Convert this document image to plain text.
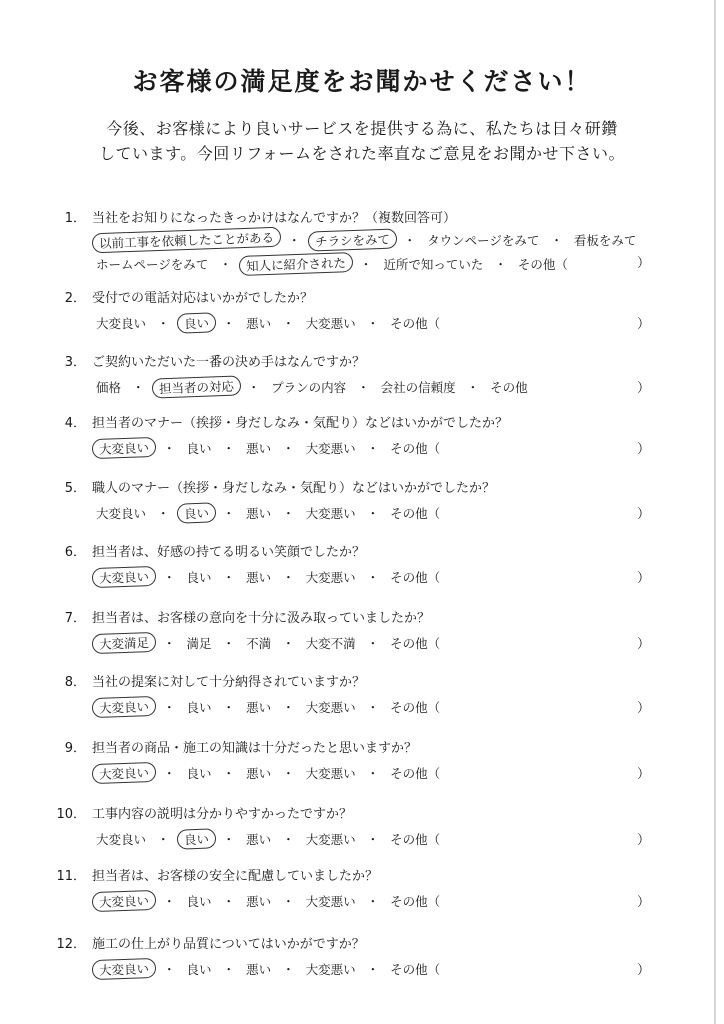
お客様の満足度をお聞かせください！
今後、お客様により良いサービスを提供する為に、私たちは日々研鑽
しています。今回リフォームをされた率直なご意見をお聞かせ下さい。
1． 当社をお知りになったきっかけはなんですか？（複数回答可）
以前工事を依頼したことがある	・	チラシをみて	・ タウンページをみて ・ 看板をみて
ホームページをみて ・	知人に紹介された	・ 近所で知っていた ・ その他（	）
2． 受付での電話対応はいかがでしたか？
大変良い ・	良い	・ 悪い ・ 大変悪い ・ その他（	）
3． ご契約いただいた一番の決め手はなんですか？
価格 ・	担当者の対応	・ プランの内容 ・ 会社の信頼度 ・ その他	）
4． 担当者のマナー（挨拶・身だしなみ・気配り）などはいかがでしたか？
大変良い	・ 良い ・ 悪い ・ 大変悪い ・ その他（	）
5． 職人のマナー（挨拶・身だしなみ・気配り）などはいかがでしたか？
大変良い ・	良い	・ 悪い ・ 大変悪い ・ その他（	）
6． 担当者は、好感の持てる明るい笑顔でしたか？
大変良い	・ 良い ・ 悪い ・ 大変悪い ・ その他（	）
7． 担当者は、お客様の意向を十分に汲み取っていましたか？
大変満足	・ 満足 ・ 不満 ・ 大変不満 ・ その他（	）
8． 当社の提案に対して十分納得されていますか？
大変良い	・ 良い ・ 悪い ・ 大変悪い ・ その他（	）
9． 担当者の商品・施工の知識は十分だったと思いますか？
大変良い	・ 良い ・ 悪い ・ 大変悪い ・ その他（	）
10． 工事内容の説明は分かりやすかったですか？
大変良い ・	良い	・ 悪い ・ 大変悪い ・ その他（	）
11． 担当者は、お客様の安全に配慮していましたか？
大変良い	・ 良い ・ 悪い ・ 大変悪い ・ その他（	）
12． 施工の仕上がり品質についてはいかがですか？
大変良い	・ 良い ・ 悪い ・ 大変悪い ・ その他（	）
